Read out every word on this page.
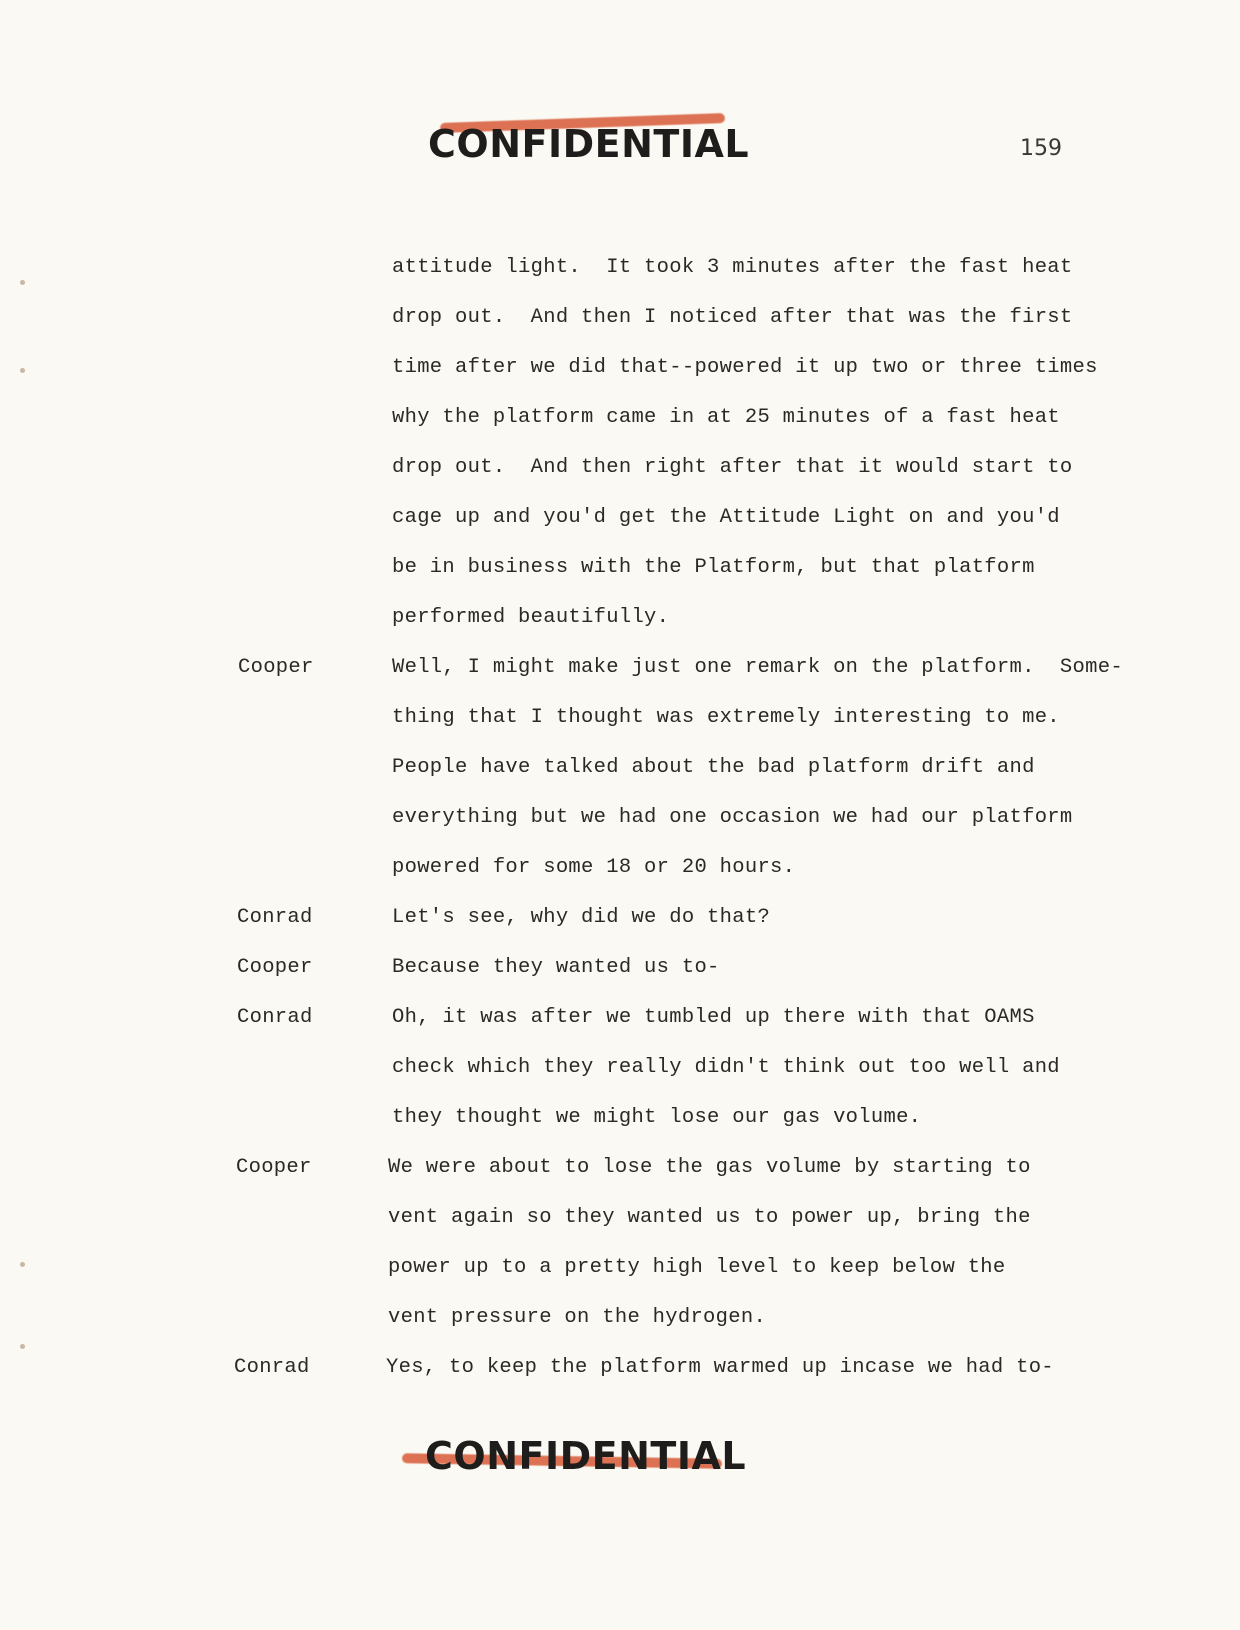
CONFIDENTIAL	159
attitude light.  It took 3 minutes after the fast heat
drop out.  And then I noticed after that was the first
time after we did that--powered it up two or three times
why the platform came in at 25 minutes of a fast heat
drop out.  And then right after that it would start to
cage up and you'd get the Attitude Light on and you'd
be in business with the Platform, but that platform
performed beautifully.
Cooper	Well, I might make just one remark on the platform.  Some-
thing that I thought was extremely interesting to me.
People have talked about the bad platform drift and
everything but we had one occasion we had our platform
powered for some 18 or 20 hours.
Conrad	Let's see, why did we do that?
Cooper	Because they wanted us to-
Conrad	Oh, it was after we tumbled up there with that OAMS
check which they really didn't think out too well and
they thought we might lose our gas volume.
Cooper	We were about to lose the gas volume by starting to
vent again so they wanted us to power up, bring the
power up to a pretty high level to keep below the
vent pressure on the hydrogen.
Conrad	Yes, to keep the platform warmed up incase we had to-
CONFIDENTIAL
